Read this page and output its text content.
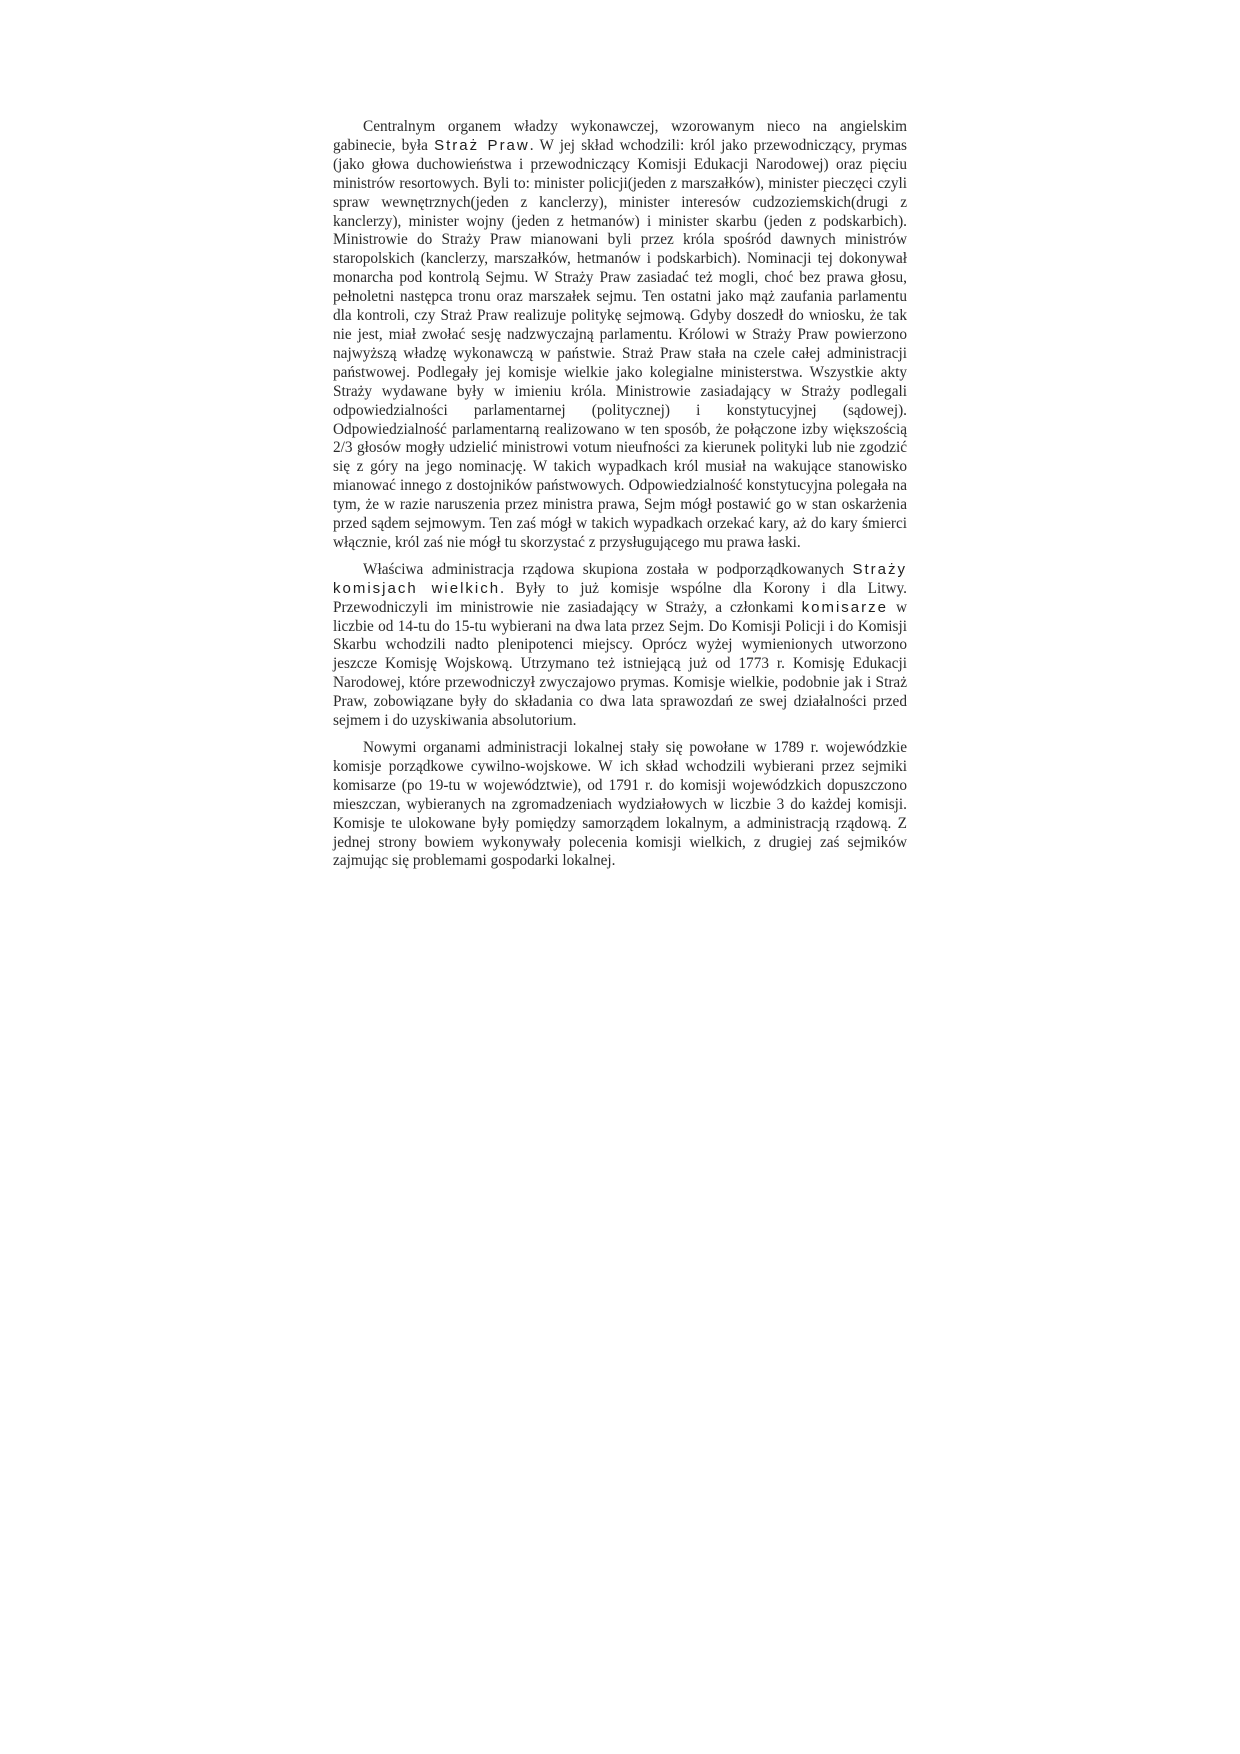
Centralnym organem władzy wykonawczej, wzorowanym nieco na angielskim gabinecie, była Straż Praw. W jej skład wchodzili: król jako przewodniczący, prymas (jako głowa duchowieństwa i przewodniczący Komisji Edukacji Narodowej) oraz pięciu ministrów resortowych. Byli to: minister policji(jeden z marszałków), minister pieczęci czyli spraw wewnętrznych(jeden z kanclerzy), minister interesów cudzoziemskich(drugi z kanclerzy), minister wojny (jeden z hetmanów) i minister skarbu (jeden z podskarbich). Ministrowie do Straży Praw mianowani byli przez króla spośród dawnych ministrów staropolskich (kanclerzy, marszałków, hetmanów i podskarbich). Nominacji tej dokonywał monarcha pod kontrolą Sejmu. W Straży Praw zasiadać też mogli, choć bez prawa głosu, pełnoletni następca tronu oraz marszałek sejmu. Ten ostatni jako mąż zaufania parlamentu dla kontroli, czy Straż Praw realizuje politykę sejmową. Gdyby doszedł do wniosku, że tak nie jest, miał zwołać sesję nadzwyczajną parlamentu. Królowi w Straży Praw powierzono najwyższą władzę wykonawczą w państwie. Straż Praw stała na czele całej administracji państwowej. Podlegały jej komisje wielkie jako kolegialne ministerstwa. Wszystkie akty Straży wydawane były w imieniu króla. Ministrowie zasiadający w Straży podlegali odpowiedzialności parlamentarnej (politycznej) i konstytucyjnej (sądowej). Odpowiedzialność parlamentarną realizowano w ten sposób, że połączone izby większością 2/3 głosów mogły udzielić ministrowi votum nieufności za kierunek polityki lub nie zgodzić się z góry na jego nominację. W takich wypadkach król musiał na wakujące stanowisko mianować innego z dostojników państwowych. Odpowiedzialność konstytucyjna polegała na tym, że w razie naruszenia przez ministra prawa, Sejm mógł postawić go w stan oskarżenia przed sądem sejmowym. Ten zaś mógł w takich wypadkach orzekać kary, aż do kary śmierci włącznie, król zaś nie mógł tu skorzystać z przysługującego mu prawa łaski.

Właściwa administracja rządowa skupiona została w podporządkowanych Straży komisjach wielkich. Były to już komisje wspólne dla Korony i dla Litwy. Przewodniczyli im ministrowie nie zasiadający w Straży, a członkami komisarze w liczbie od 14-tu do 15-tu wybierani na dwa lata przez Sejm. Do Komisji Policji i do Komisji Skarbu wchodzili nadto plenipotenci miejscy. Oprócz wyżej wymienionych utworzono jeszcze Komisję Wojskową. Utrzymano też istniejącą już od 1773 r. Komisję Edukacji Narodowej, które przewodniczył zwyczajowo prymas. Komisje wielkie, podobnie jak i Straż Praw, zobowiązane były do składania co dwa lata sprawozdań ze swej działalności przed sejmem i do uzyskiwania absolutorium.

Nowymi organami administracji lokalnej stały się powołane w 1789 r. wojewódzkie komisje porządkowe cywilno-wojskowe. W ich skład wchodzili wybierani przez sejmiki komisarze (po 19-tu w województwie), od 1791 r. do komisji wojewódzkich dopuszczono mieszczan, wybieranych na zgromadzeniach wydziałowych w liczbie 3 do każdej komisji. Komisje te ulokowane były pomiędzy samorządem lokalnym, a administracją rządową. Z jednej strony bowiem wykonywały polecenia komisji wielkich, z drugiej zaś sejmików zajmując się problemami gospodarki lokalnej.
